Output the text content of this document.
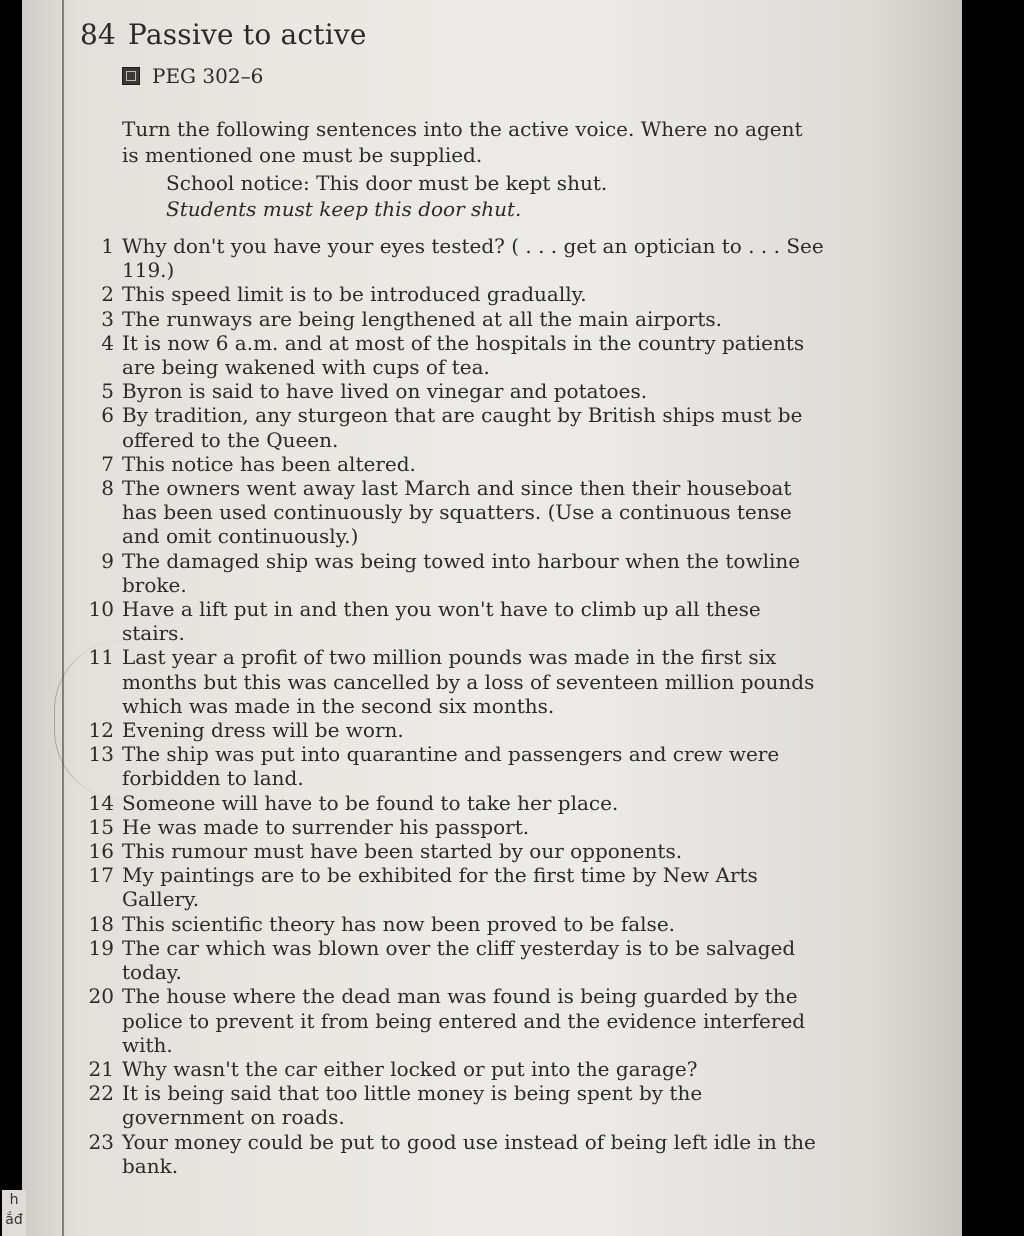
84 Passive to active
PEG 302–6
Turn the following sentences into the active voice. Where no agent is mentioned one must be supplied.
School notice: This door must be kept shut.
Students must keep this door shut.
1 Why don't you have your eyes tested? ( . . . get an optician to . . . See 119.)
2 This speed limit is to be introduced gradually.
3 The runways are being lengthened at all the main airports.
4 It is now 6 a.m. and at most of the hospitals in the country patients are being wakened with cups of tea.
5 Byron is said to have lived on vinegar and potatoes.
6 By tradition, any sturgeon that are caught by British ships must be offered to the Queen.
7 This notice has been altered.
8 The owners went away last March and since then their houseboat has been used continuously by squatters. (Use a continuous tense and omit continuously.)
9 The damaged ship was being towed into harbour when the towline broke.
10 Have a lift put in and then you won't have to climb up all these stairs.
11 Last year a profit of two million pounds was made in the first six months but this was cancelled by a loss of seventeen million pounds which was made in the second six months.
12 Evening dress will be worn.
13 The ship was put into quarantine and passengers and crew were forbidden to land.
14 Someone will have to be found to take her place.
15 He was made to surrender his passport.
16 This rumour must have been started by our opponents.
17 My paintings are to be exhibited for the first time by New Arts Gallery.
18 This scientific theory has now been proved to be false.
19 The car which was blown over the cliff yesterday is to be salvaged today.
20 The house where the dead man was found is being guarded by the police to prevent it from being entered and the evidence interfered with.
21 Why wasn't the car either locked or put into the garage?
22 It is being said that too little money is being spent by the government on roads.
23 Your money could be put to good use instead of being left idle in the bank.
h ắđ
